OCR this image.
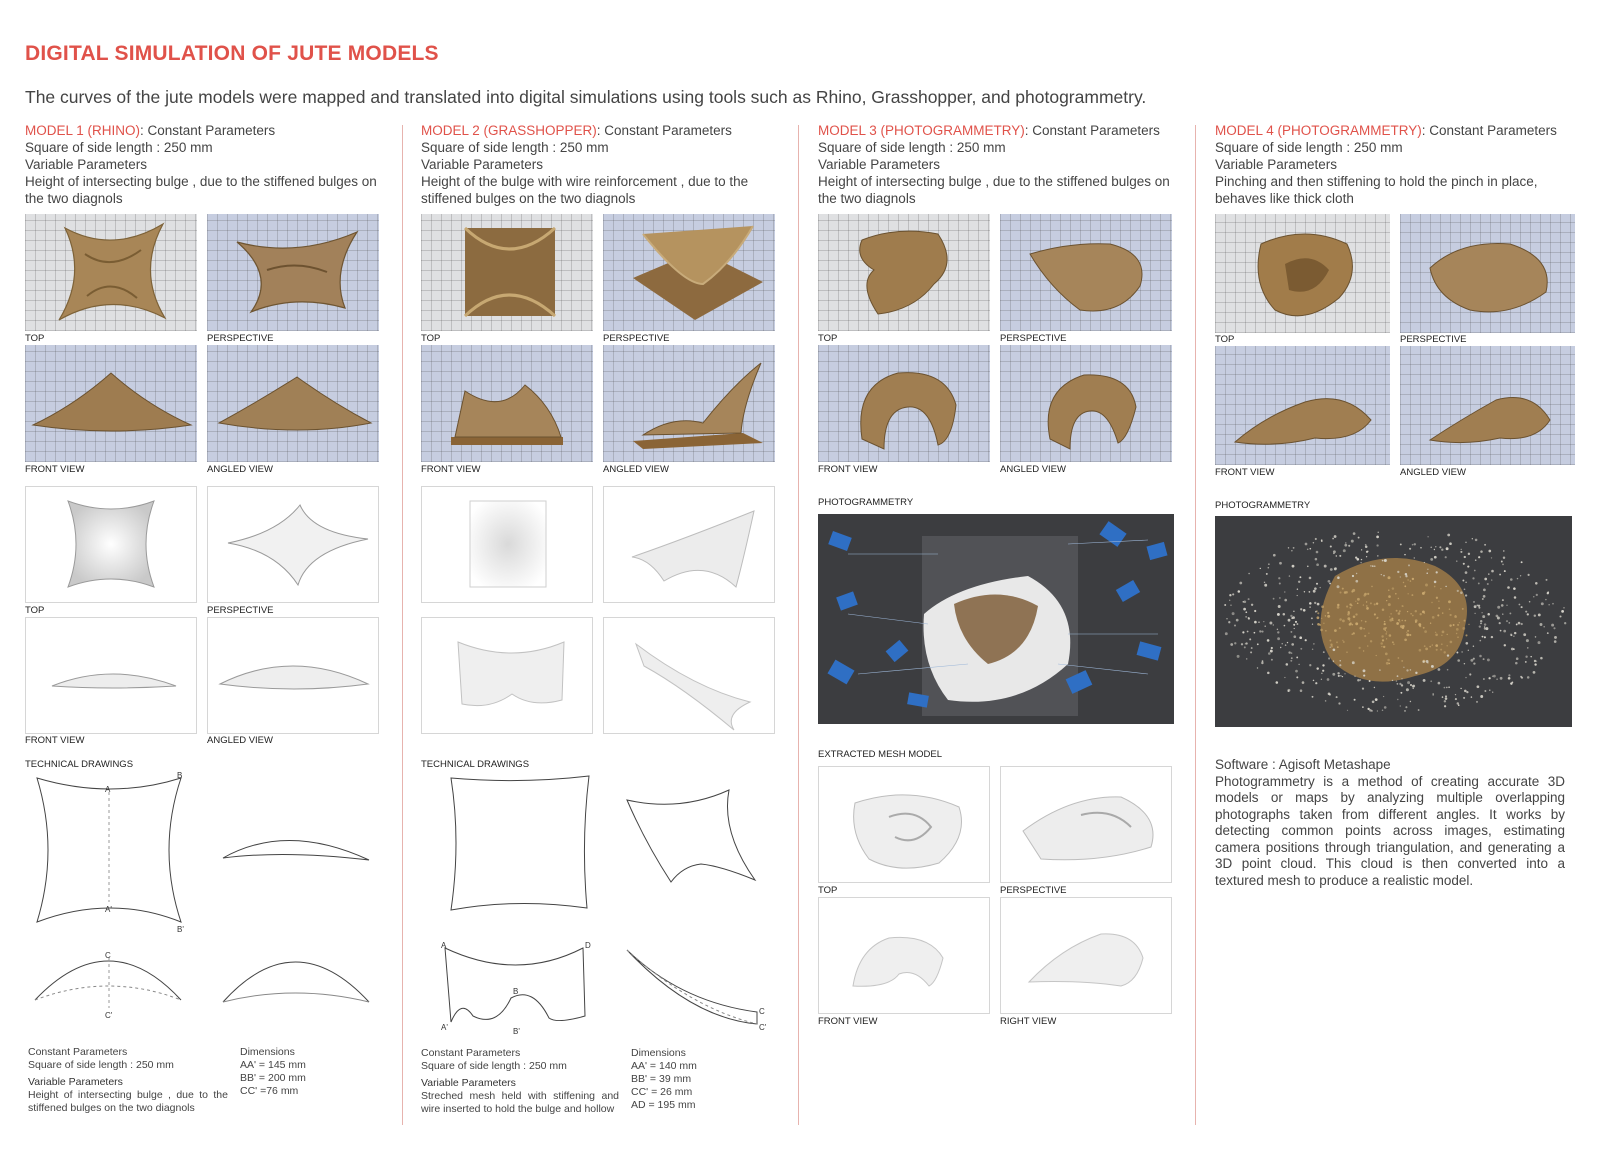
DIGITAL SIMULATION OF JUTE MODELS

The curves of the jute models were mapped and translated into digital simulations using tools such as Rhino, Grasshopper, and photogrammetry.

MODEL 1 (RHINO): Constant Parameters

Square of side length : 250 mm

Variable Parameters

Height of intersecting bulge , due to the stiffened bulges on the two diagnols

TOP	PERSPECTIVE
FRONT VIEW	ANGLED VIEW
TOP	PERSPECTIVE
FRONT VIEW	ANGLED VIEW
TECHNICAL DRAWINGS
A
A'
B
B'
C
C'

Constant Parameters

Square of side length : 250 mm

Variable Parameters

Height of intersecting bulge , due to the stiffened bulges on the two diagnols

Dimensions

AA' = 145 mm

BB' = 200 mm

CC' =76 mm

MODEL 2 (GRASSHOPPER): Constant Parameters

Square of side length : 250 mm

Variable Parameters

Height of the bulge with wire reinforcement , due to the stiffened bulges on the two diagnols

TOP	PERSPECTIVE
FRONT VIEW	ANGLED VIEW
TECHNICAL DRAWINGS
A
A'
D
B
B'
C
C'

Constant Parameters

Square of side length : 250 mm

Variable Parameters

Streched mesh held with stiffening and wire inserted to hold the bulge and hollow

Dimensions

AA' = 140 mm

BB' = 39 mm

CC' = 26 mm

AD = 195 mm

MODEL 3 (PHOTOGRAMMETRY): Constant Parameters

Square of side length : 250 mm

Variable Parameters

Height of intersecting bulge , due to the stiffened bulges on the two diagnols

TOP	PERSPECTIVE
FRONT VIEW	ANGLED VIEW
PHOTOGRAMMETRY
EXTRACTED MESH MODEL
TOP	PERSPECTIVE
FRONT VIEW	RIGHT VIEW

MODEL 4 (PHOTOGRAMMETRY): Constant Parameters

Square of side length : 250 mm

Variable Parameters

Pinching and then stiffening to hold the pinch in place, behaves like thick cloth

TOP	PERSPECTIVE
FRONT VIEW	ANGLED VIEW
PHOTOGRAMMETRY

Software : Agisoft Metashape

Photogrammetry is a method of creating accurate 3D models or maps by analyzing multiple overlapping photographs taken from different angles. It works by detecting common points across images, estimating camera positions through triangulation, and generating a 3D point cloud. This cloud is then converted into a textured mesh to produce a realistic model.
